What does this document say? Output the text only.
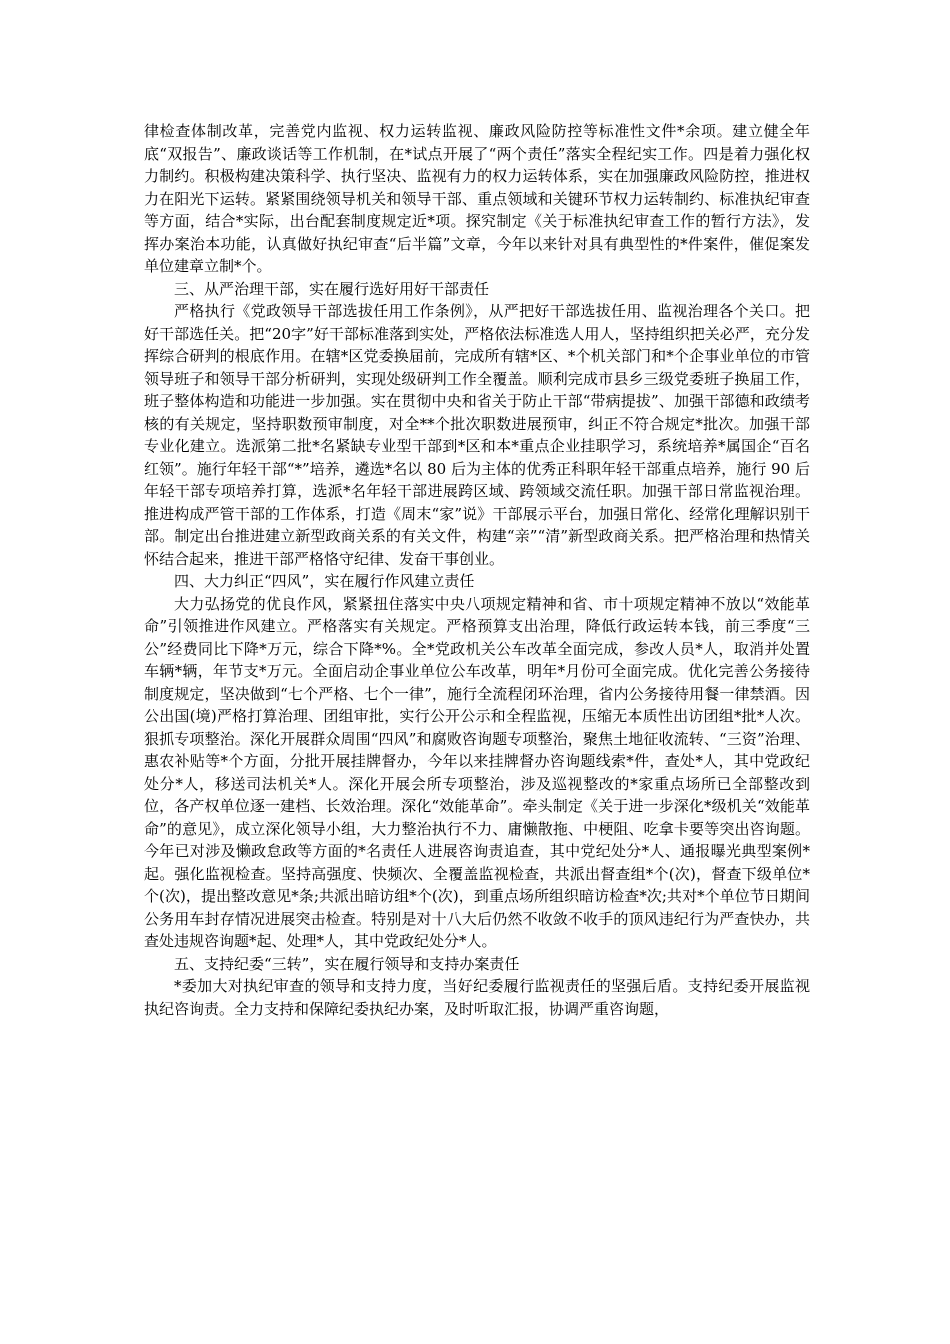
律检查体制改革，完善党内监视、权力运转监视、廉政风险防控等标准性文件*余项。建立健全年底“双报告”、廉政谈话等工作机制，在*试点开展了“两个责任”落实全程纪实工作。四是着力强化权力制约。积极构建决策科学、执行坚决、监视有力的权力运转体系，实在加强廉政风险防控，推进权力在阳光下运转。紧紧围绕领导机关和领导干部、重点领域和关键环节权力运转制约、标准执纪审查等方面，结合*实际，出台配套制度规定近*项。探究制定《关于标准执纪审查工作的暂行方法》，发挥办案治本功能，认真做好执纪审查“后半篇”文章，今年以来针对具有典型性的*件案件，催促案发单位建章立制*个。

三、从严治理干部，实在履行选好用好干部责任

严格执行《党政领导干部选拔任用工作条例》，从严把好干部选拔任用、监视治理各个关口。把好干部选任关。把“20字”好干部标准落到实处，严格依法标准选人用人，坚持组织把关必严，充分发挥综合研判的根底作用。在辖*区党委换届前，完成所有辖*区、*个机关部门和*个企事业单位的市管领导班子和领导干部分析研判，实现处级研判工作全覆盖。顺利完成市县乡三级党委班子换届工作，班子整体构造和功能进一步加强。实在贯彻中央和省关于防止干部“带病提拔”、加强干部德和政绩考核的有关规定，坚持职数预审制度，对全**个批次职数进展预审，纠正不符合规定*批次。加强干部专业化建立。选派第二批*名紧缺专业型干部到*区和本*重点企业挂职学习，系统培养*属国企“百名红领”。施行年轻干部“*”培养，遴选*名以 80 后为主体的优秀正科职年轻干部重点培养，施行 90 后年轻干部专项培养打算，选派*名年轻干部进展跨区域、跨领域交流任职。加强干部日常监视治理。推进构成严管干部的工作体系，打造《周末“家”说》干部展示平台，加强日常化、经常化理解识别干部。制定出台推进建立新型政商关系的有关文件，构建“亲”“清”新型政商关系。把严格治理和热情关怀结合起来，推进干部严格恪守纪律、发奋干事创业。

四、大力纠正“四风”，实在履行作风建立责任

大力弘扬党的优良作风，紧紧扭住落实中央八项规定精神和省、市十项规定精神不放以“效能革命”引领推进作风建立。严格落实有关规定。严格预算支出治理，降低行政运转本钱，前三季度“三公”经费同比下降*万元，综合下降*%。全*党政机关公车改革全面完成，参改人员*人，取消并处置车辆*辆，年节支*万元。全面启动企事业单位公车改革，明年*月份可全面完成。优化完善公务接待制度规定，坚决做到“七个严格、七个一律”，施行全流程闭环治理，省内公务接待用餐一律禁酒。因公出国(境)严格打算治理、团组审批，实行公开公示和全程监视，压缩无本质性出访团组*批*人次。狠抓专项整治。深化开展群众周围“四风”和腐败咨询题专项整治，聚焦土地征收流转、“三资”治理、惠农补贴等*个方面，分批开展挂牌督办，今年以来挂牌督办咨询题线索*件，查处*人，其中党政纪处分*人，移送司法机关*人。深化开展会所专项整治，涉及巡视整改的*家重点场所已全部整改到位，各产权单位逐一建档、长效治理。深化“效能革命”。牵头制定《关于进一步深化*级机关“效能革命”的意见》，成立深化领导小组，大力整治执行不力、庸懒散拖、中梗阻、吃拿卡要等突出咨询题。今年已对涉及懒政怠政等方面的*名责任人进展咨询责追查，其中党纪处分*人、通报曝光典型案例*起。强化监视检查。坚持高强度、快频次、全覆盖监视检查，共派出督查组*个(次)，督查下级单位*个(次)，提出整改意见*条;共派出暗访组*个(次)，到重点场所组织暗访检查*次;共对*个单位节日期间公务用车封存情况进展突击检查。特别是对十八大后仍然不收敛不收手的顶风违纪行为严查快办，共查处违规咨询题*起、处理*人，其中党政纪处分*人。

五、支持纪委“三转”，实在履行领导和支持办案责任

*委加大对执纪审查的领导和支持力度，当好纪委履行监视责任的坚强后盾。支持纪委开展监视执纪咨询责。全力支持和保障纪委执纪办案，及时听取汇报，协调严重咨询题，
